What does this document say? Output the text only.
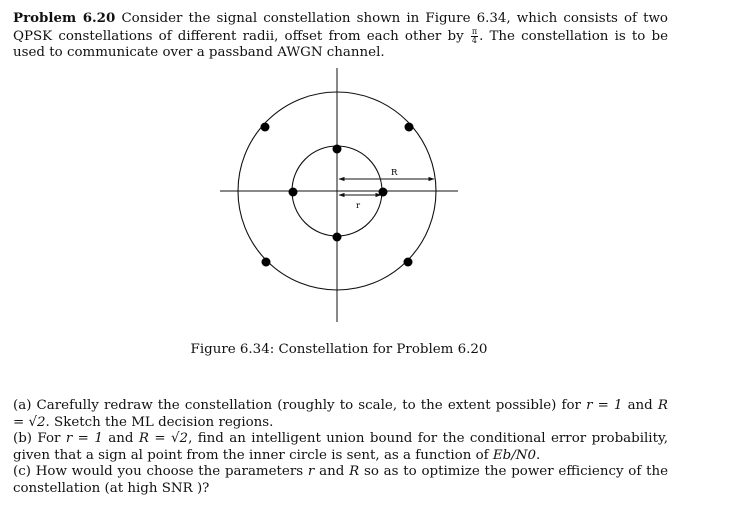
Problem 6.20 Consider the signal constellation shown in Figure 6.34, which consists of two QPSK constellations of different radii, offset from each other by $\frac{\pi}{4}$ . The constellation is to be used to communicate over a passband AWGN channel.
R
r
Figure 6.34: Constellation for Problem 6.20
(a) Carefully redraw the constellation (roughly to scale, to the extent possible) for r = 1 and R = √2. Sketch the ML decision regions.
(b) For r = 1 and R = √2, find an intelligent union bound for the conditional error probability, given that a sign al point from the inner circle is sent, as a function of Eb/N0.
(c) How would you choose the parameters r and R so as to optimize the power efficiency of the constellation (at high SNR )?
